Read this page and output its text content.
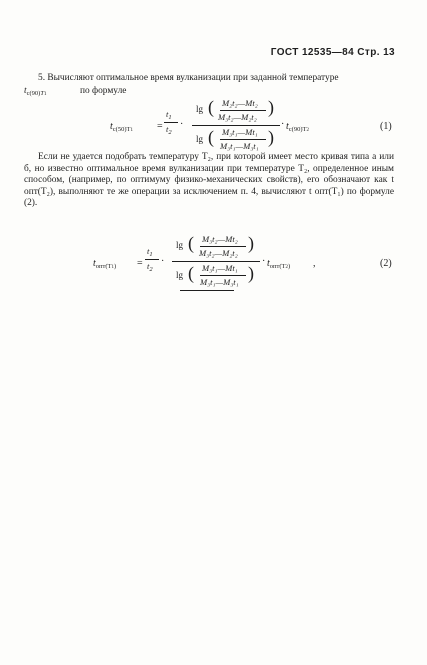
ГОСТ 12535—84 Стр. 13
5. Вычисляют оптимальное время вулканизации при заданной температуре
$t_{c(90)T1}$	по формуле
$t_{c(50)T1}$ =
$t_1$
$t_2$
·
lg ( M₂t₂—Mt₂
M₃t₂—M₂t₂ )
lg ( M₃t₁—Mt₁
M₃t₁—M₃t₁ )
· $t_{c(90)T2}$	(1)
Если не удается подобрать температуру T₂, при которой имеет место кривая типа а или б, но известно оптимальное время вулканизации при температуре T₂, определенное иным способом, (например, по оптимуму физико-механических свойств), его обозначают как t опт(T₂), выполняют те же операции за исключением п. 4, вычисляют t опт(T₁) по формуле (2).
$t_{опт(T1)}$ =
$t_1$
$t_2$
·
lg ( M₃t₂—Mt₂
M₃t₂—M₂t₂ )
lg ( M₃t₁—Mt₁
M₃t₁—M₃t₁ )
· $t_{опт(T2)}$ ,	(2)
